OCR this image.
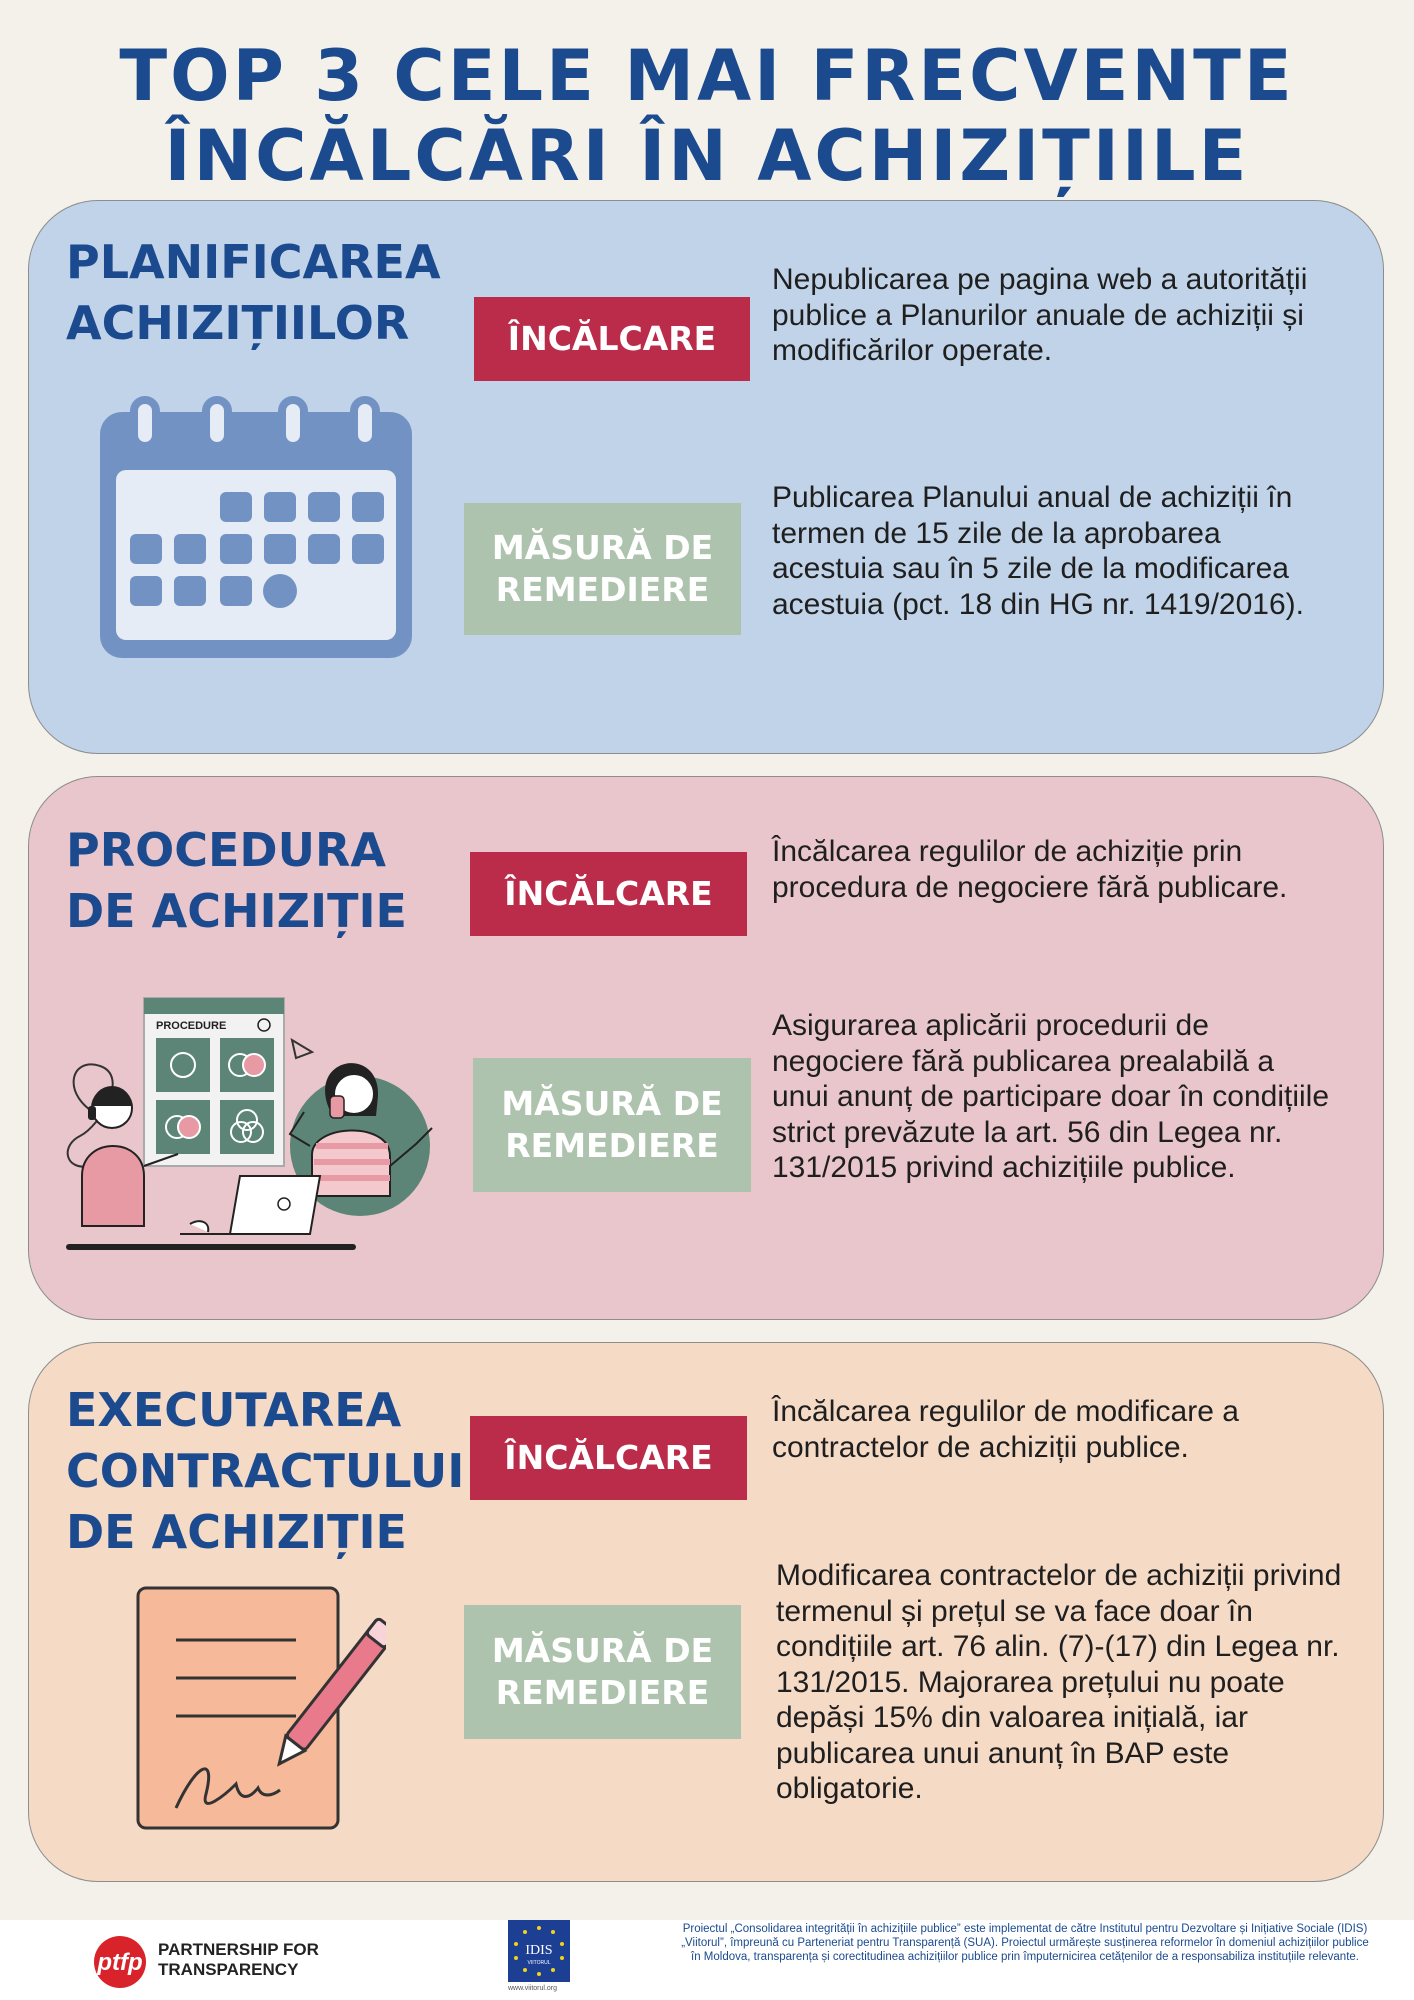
TOP 3 CELE MAI FRECVENTE
ÎNCĂLCĂRI ÎN ACHIZIȚIILE
PLANIFICAREA
ACHIZIȚIILOR	ÎNCĂLCARE
Nepublicarea pe pagina web a autorității publice a Planurilor anuale de achiziții și modificărilor operate.
MĂSURĂ DE
REMEDIERE
Publicarea Planului anual de achiziții în termen de 15 zile de la aprobarea acestuia sau în 5 zile de la modificarea acestuia (pct. 18 din HG nr. 1419/2016).
PROCEDURA
DE ACHIZIȚIE	ÎNCĂLCARE
Încălcarea regulilor de achiziție prin procedura de negociere fără publicare.
MĂSURĂ DE
REMEDIERE
Asigurarea aplicării procedurii de negociere fără publicarea prealabilă a unui anunț de participare doar în condițiile strict prevăzute la art. 56 din Legea nr. 131/2015 privind achizițiile publice.
PROCEDURE
EXECUTAREA
CONTRACTULUI
DE ACHIZIȚIE
ÎNCĂLCARE
Încălcarea regulilor de modificare a contractelor de achiziții publice.
MĂSURĂ DE
REMEDIERE
Modificarea contractelor de achiziții privind termenul și prețul se va face doar în condițiile art. 76 alin. (7)-(17) din Legea nr. 131/2015. Majorarea prețului nu poate depăși 15% din valoarea inițială, iar publicarea unui anunț în BAP este obligatorie.
ptfp PARTNERSHIP FOR
TRANSPARENCY
IDIS
VIITORUL
www.viitorul.org
Proiectul „Consolidarea integrității în achizițiile publice” este implementat de către Institutul pentru Dezvoltare și Inițiative Sociale (IDIS) „Viitorul”, împreună cu Parteneriat pentru Transparență (SUA). Proiectul urmărește susținerea reformelor în domeniul achizițiilor publice în Moldova, transparența și corectitudinea achizițiilor publice prin împuternicirea cetățenilor de a responsabiliza instituțiile relevante.
